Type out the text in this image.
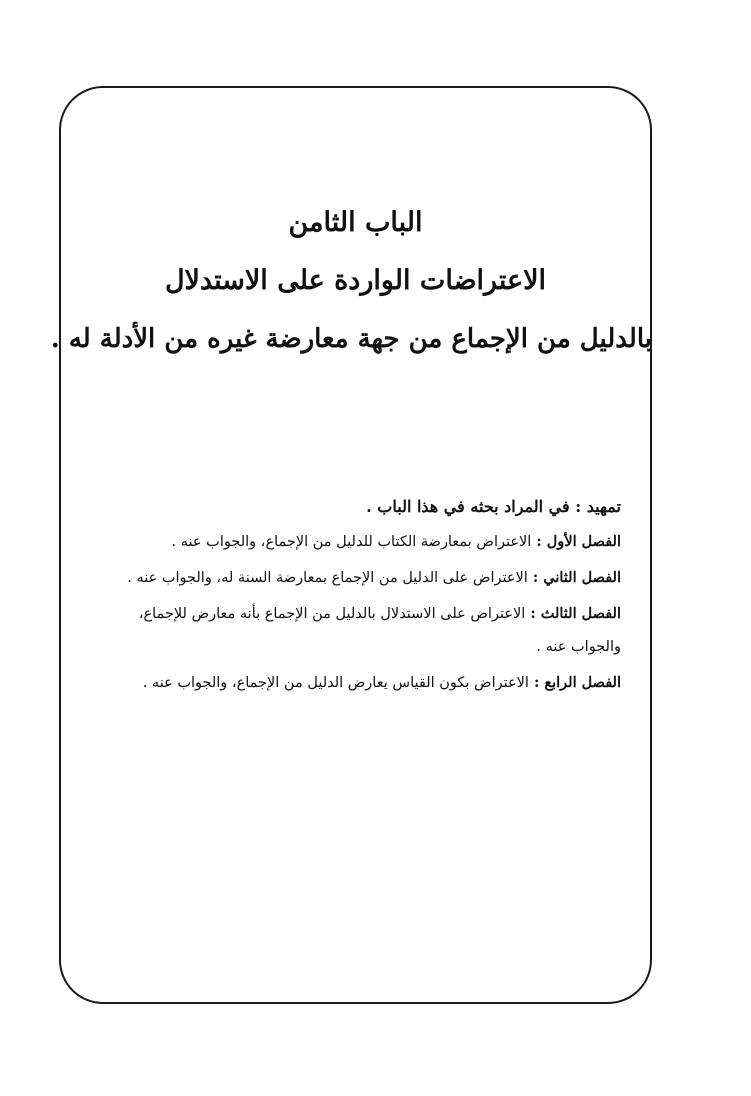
الباب الثامن
الاعتراضات الواردة على الاستدلال
بالدليل من الإجماع من جهة معارضة غيره من الأدلة له .
تمهيد : في المراد بحثه في هذا الباب .
الفصل الأول : الاعتراض بمعارضة الكتاب للدليل من الإجماع، والجواب عنه .
الفصل الثاني : الاعتراض على الدليل من الإجماع بمعارضة السنة له، والجواب عنه .
الفصل الثالث : الاعتراض على الاستدلال بالدليل من الإجماع بأنه معارض للإجماع، والجواب عنه .
الفصل الرابع : الاعتراض بكون القياس يعارض الدليل من الإجماع، والجواب عنه .
